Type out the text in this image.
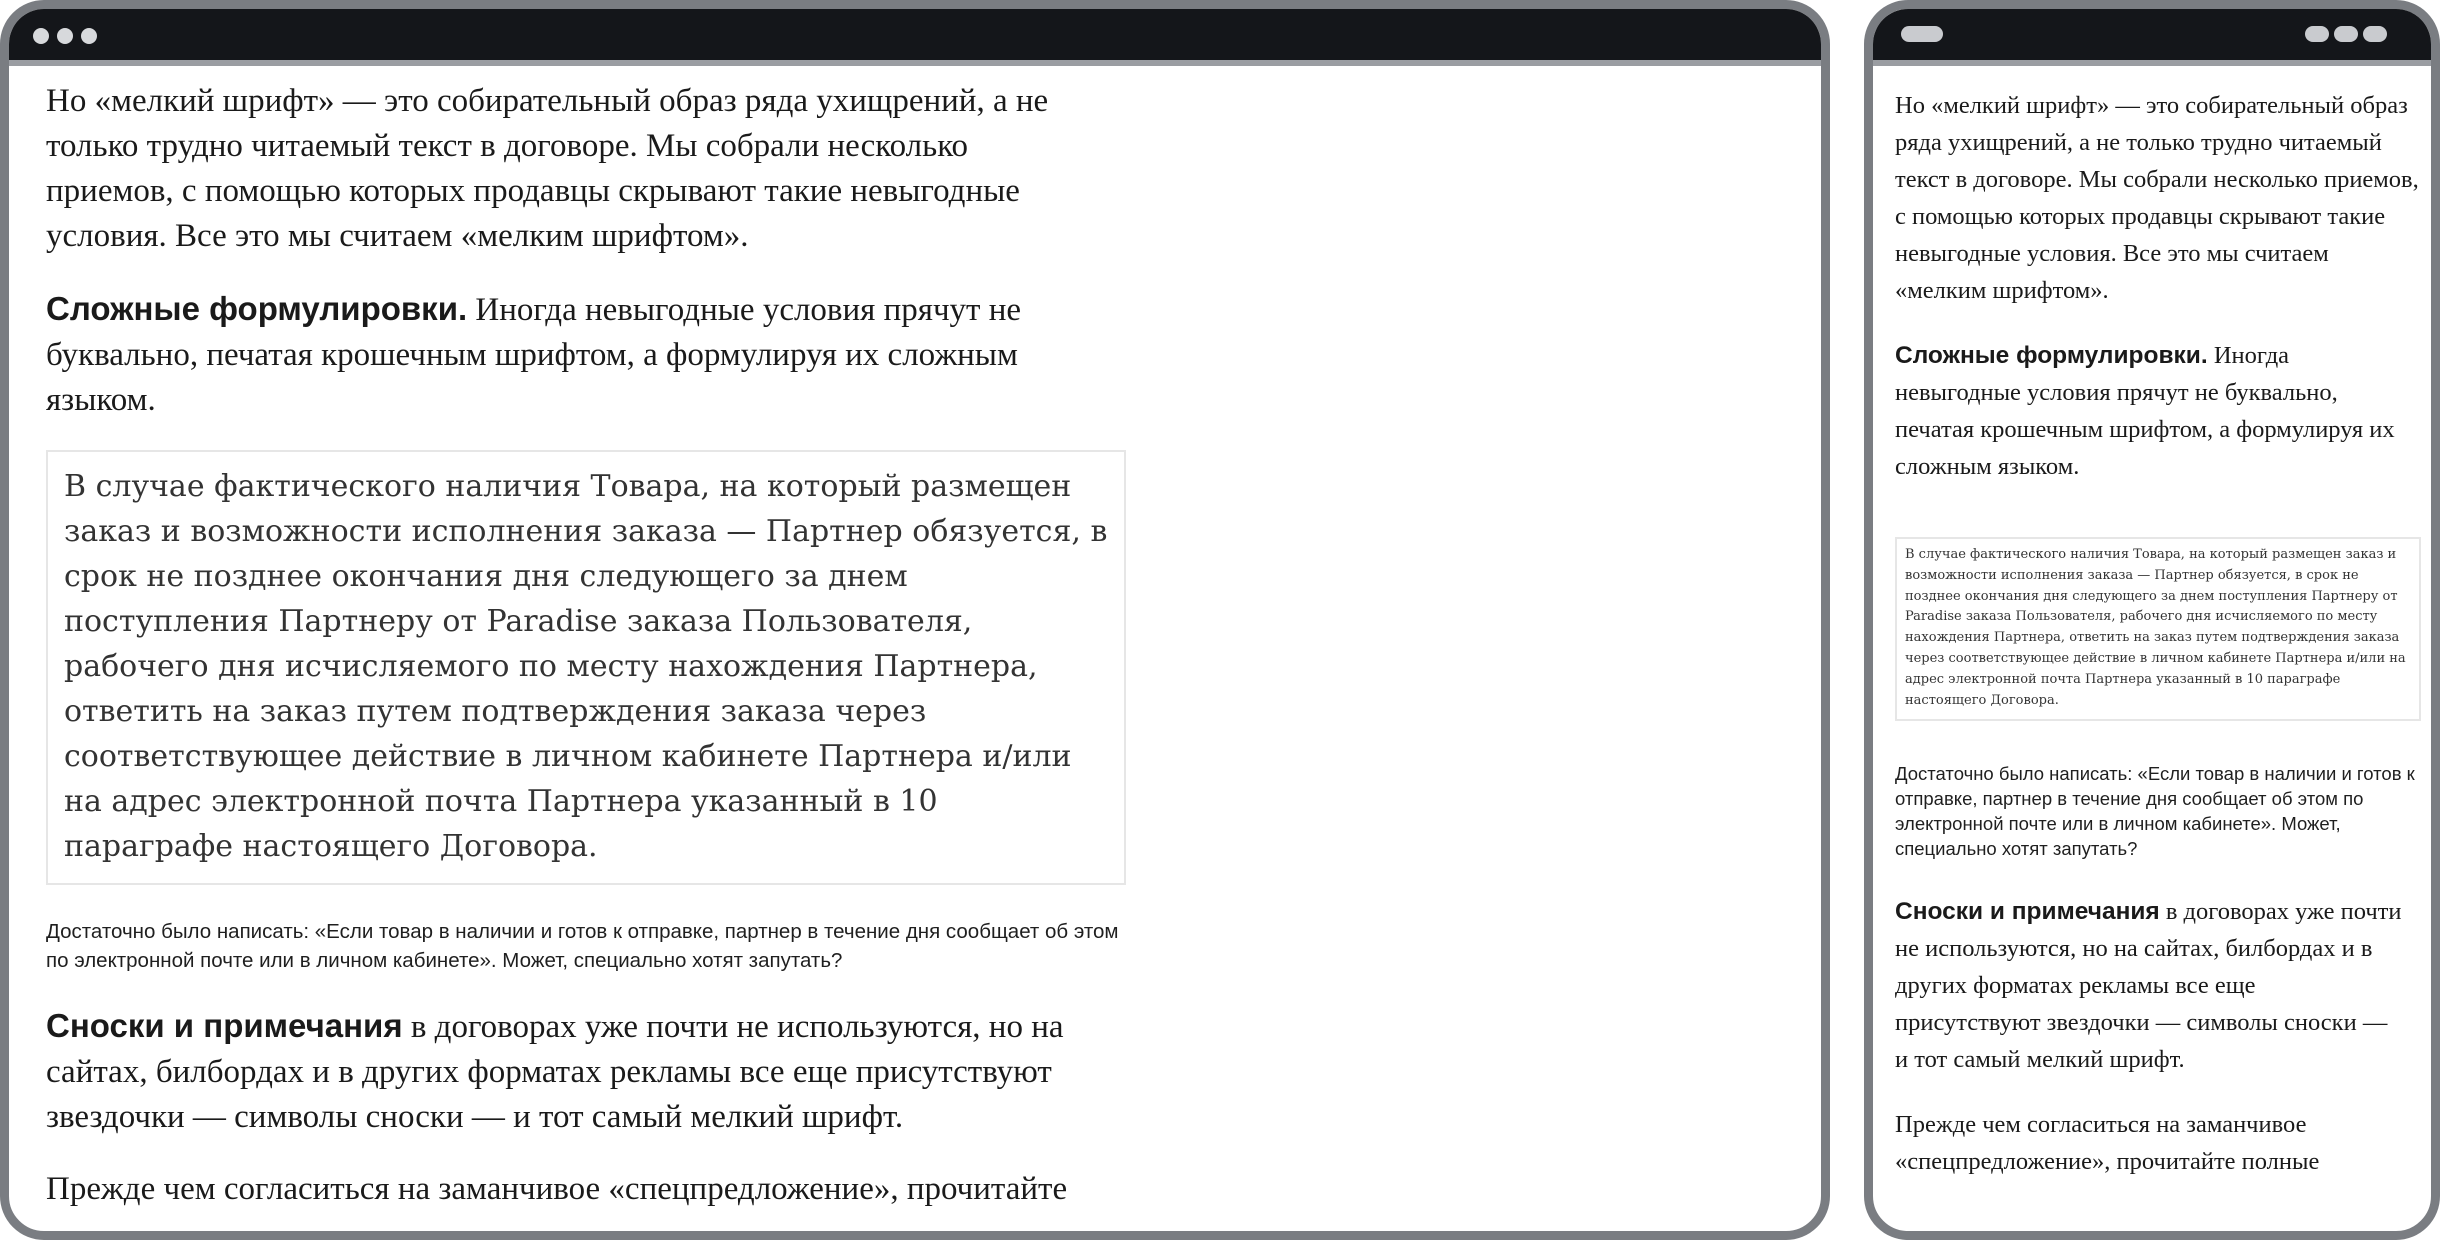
Но «мелкий шрифт» — это собирательный образ ряда ухищрений, а не только трудно читаемый текст в договоре. Мы собрали несколько приемов, с помощью которых продавцы скрывают такие невыгодные условия. Все это мы считаем «мелким шрифтом».

Сложные формулировки. Иногда невыгодные условия прячут не буквально, печатая крошечным шрифтом, а формулируя их сложным языком.

В случае фактического наличия Товара, на который размещен заказ и возможности исполнения заказа — Партнер обязуется, в срок не позднее окончания дня следующего за днем поступления Партнеру от Paradise заказа Пользователя, рабочего дня исчисляемого по месту нахождения Партнера, ответить на заказ путем подтверждения заказа через соответствующее действие в личном кабинете Партнера и/или на адрес электронной почта Партнера указанный в 10 параграфе настоящего Договора.

Достаточно было написать: «Если товар в наличии и готов к отправке, партнер в течение дня сообщает об этом по электронной почте или в личном кабинете». Может, специально хотят запутать?

Сноски и примечания в договорах уже почти не используются, но на сайтах, билбордах и в других форматах рекламы все еще присутствуют звездочки — символы сноски — и тот самый мелкий шрифт.

Прежде чем согласиться на заманчивое «спецпредложение», прочитайте

Но «мелкий шрифт» — это собирательный образ ряда ухищрений, а не только трудно читаемый текст в договоре. Мы собрали несколько приемов, с помощью которых продавцы скрывают такие невыгодные условия. Все это мы считаем «мелким шрифтом».

Сложные формулировки. Иногда невыгодные условия прячут не буквально, печатая крошечным шрифтом, а формулируя их сложным языком.

В случае фактического наличия Товара, на который размещен заказ и возможности исполнения заказа — Партнер обязуется, в срок не позднее окончания дня следующего за днем поступления Партнеру от Paradise заказа Пользователя, рабочего дня исчисляемого по месту нахождения Партнера, ответить на заказ путем подтверждения заказа через соответствующее действие в личном кабинете Партнера и/или на адрес электронной почта Партнера указанный в 10 параграфе настоящего Договора.

Достаточно было написать: «Если товар в наличии и готов к отправке, партнер в течение дня сообщает об этом по электронной почте или в личном кабинете». Может, специально хотят запутать?

Сноски и примечания в договорах уже почти не используются, но на сайтах, билбордах и в других форматах рекламы все еще присутствуют звездочки — символы сноски — и тот самый мелкий шрифт.

Прежде чем согласиться на заманчивое «спецпредложение», прочитайте полные
